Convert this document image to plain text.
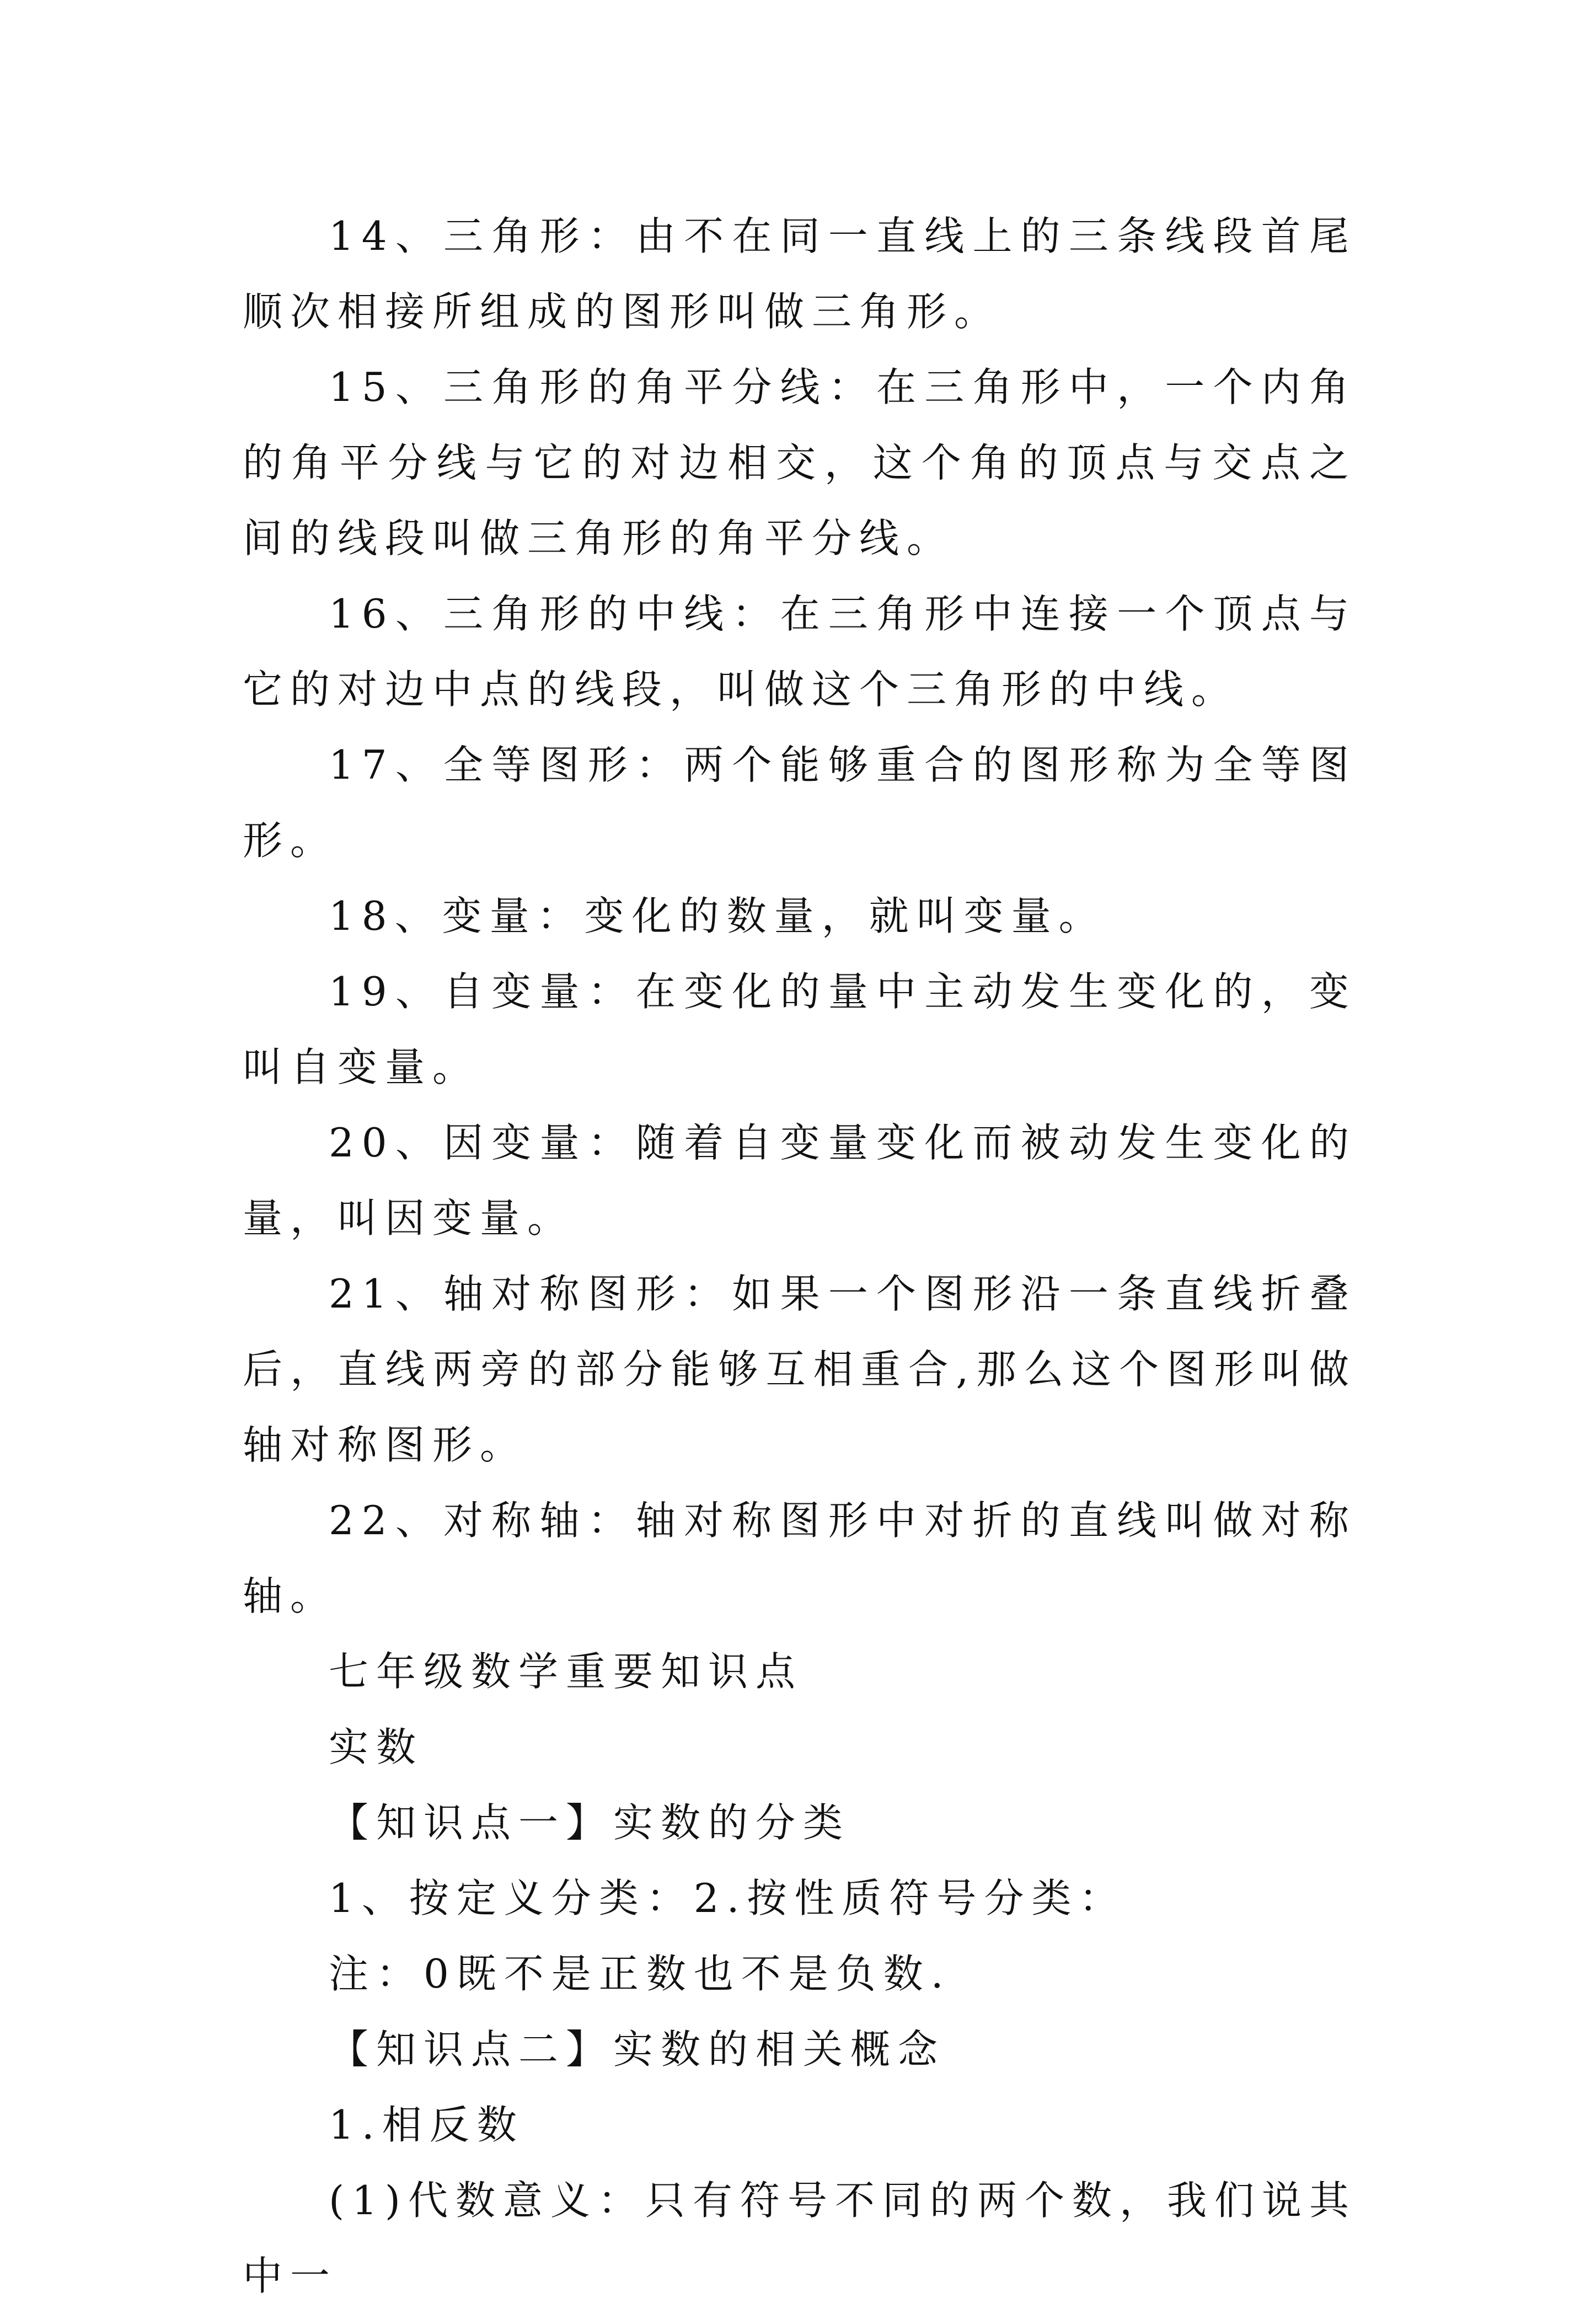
14、三角形：由不在同一直线上的三条线段首尾顺次相接所组成的图形叫做三角形。

15、三角形的角平分线：在三角形中，一个内角的角平分线与它的对边相交，这个角的顶点与交点之间的线段叫做三角形的角平分线。

16、三角形的中线：在三角形中连接一个顶点与它的对边中点的线段，叫做这个三角形的中线。

17、全等图形：两个能够重合的图形称为全等图形。

18、变量：变化的数量，就叫变量。

19、自变量：在变化的量中主动发生变化的，变叫自变量。

20、因变量：随着自变量变化而被动发生变化的量，叫因变量。

21、轴对称图形：如果一个图形沿一条直线折叠后，直线两旁的部分能够互相重合,那么这个图形叫做轴对称图形。

22、对称轴：轴对称图形中对折的直线叫做对称轴。

七年级数学重要知识点

实数

【知识点一】实数的分类

1、按定义分类：2.按性质符号分类：

注：0既不是正数也不是负数.

【知识点二】实数的相关概念

1.相反数

(1)代数意义：只有符号不同的两个数，我们说其中一
